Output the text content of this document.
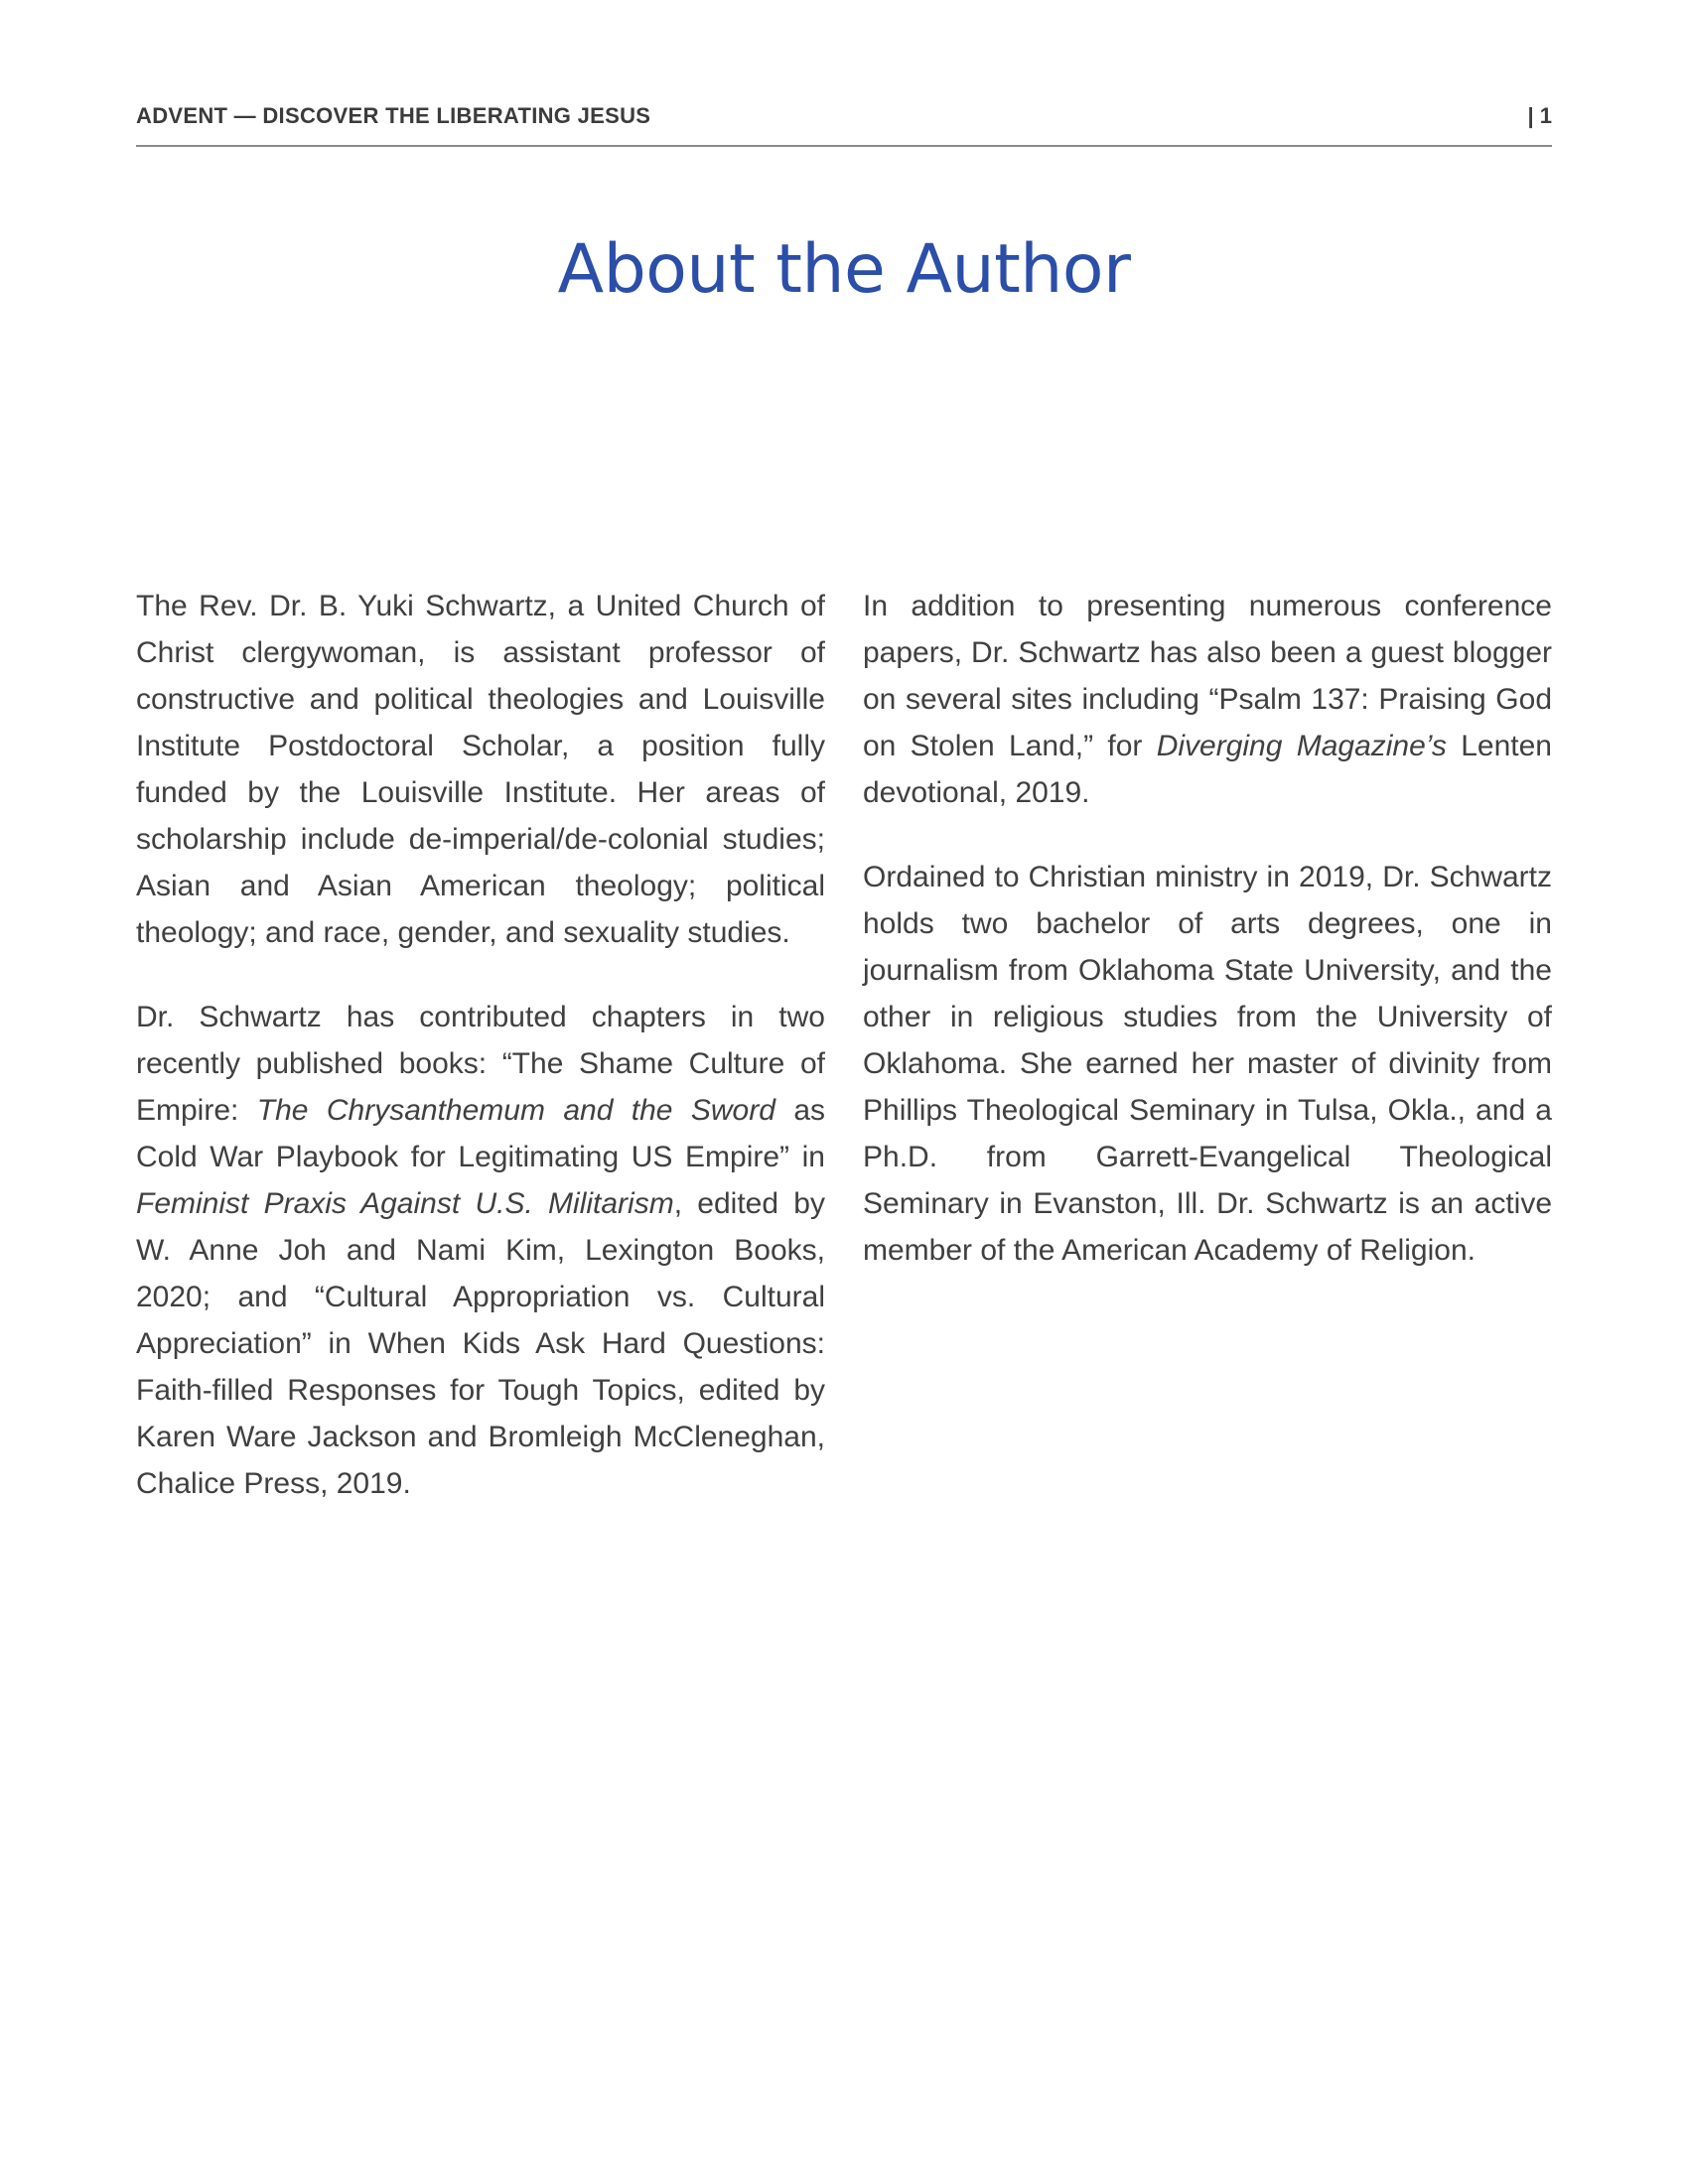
ADVENT — DISCOVER THE LIBERATING JESUS	| 1
About the Author

The Rev. Dr. B. Yuki Schwartz, a United Church of Christ clergywoman, is assistant professor of constructive and political theologies and Louisville Institute Postdoctoral Scholar, a position fully funded by the Louisville Institute. Her areas of scholarship include de-imperial/de-colonial studies; Asian and Asian American theology; political theology; and race, gender, and sexuality studies.

Dr. Schwartz has contributed chapters in two recently published books: “The Shame Culture of Empire: The Chrysanthemum and the Sword as Cold War Playbook for Legitimating US Empire” in Feminist Praxis Against U.S. Militarism, edited by W. Anne Joh and Nami Kim, Lexington Books, 2020; and “Cultural Appropriation vs. Cultural Appreciation” in When Kids Ask Hard Questions: Faith-filled Responses for Tough Topics, edited by Karen Ware Jackson and Bromleigh McCleneghan, Chalice Press, 2019.

In addition to presenting numerous conference papers, Dr. Schwartz has also been a guest blogger on several sites including “Psalm 137: Praising God on Stolen Land,” for Diverging Magazine’s Lenten devotional, 2019.

Ordained to Christian ministry in 2019, Dr. Schwartz holds two bachelor of arts degrees, one in journalism from Oklahoma State University, and the other in religious studies from the University of Oklahoma. She earned her master of divinity from Phillips Theological Seminary in Tulsa, Okla., and a Ph.D. from Garrett-Evangelical Theological Seminary in Evanston, Ill. Dr. Schwartz is an active member of the American Academy of Religion.
